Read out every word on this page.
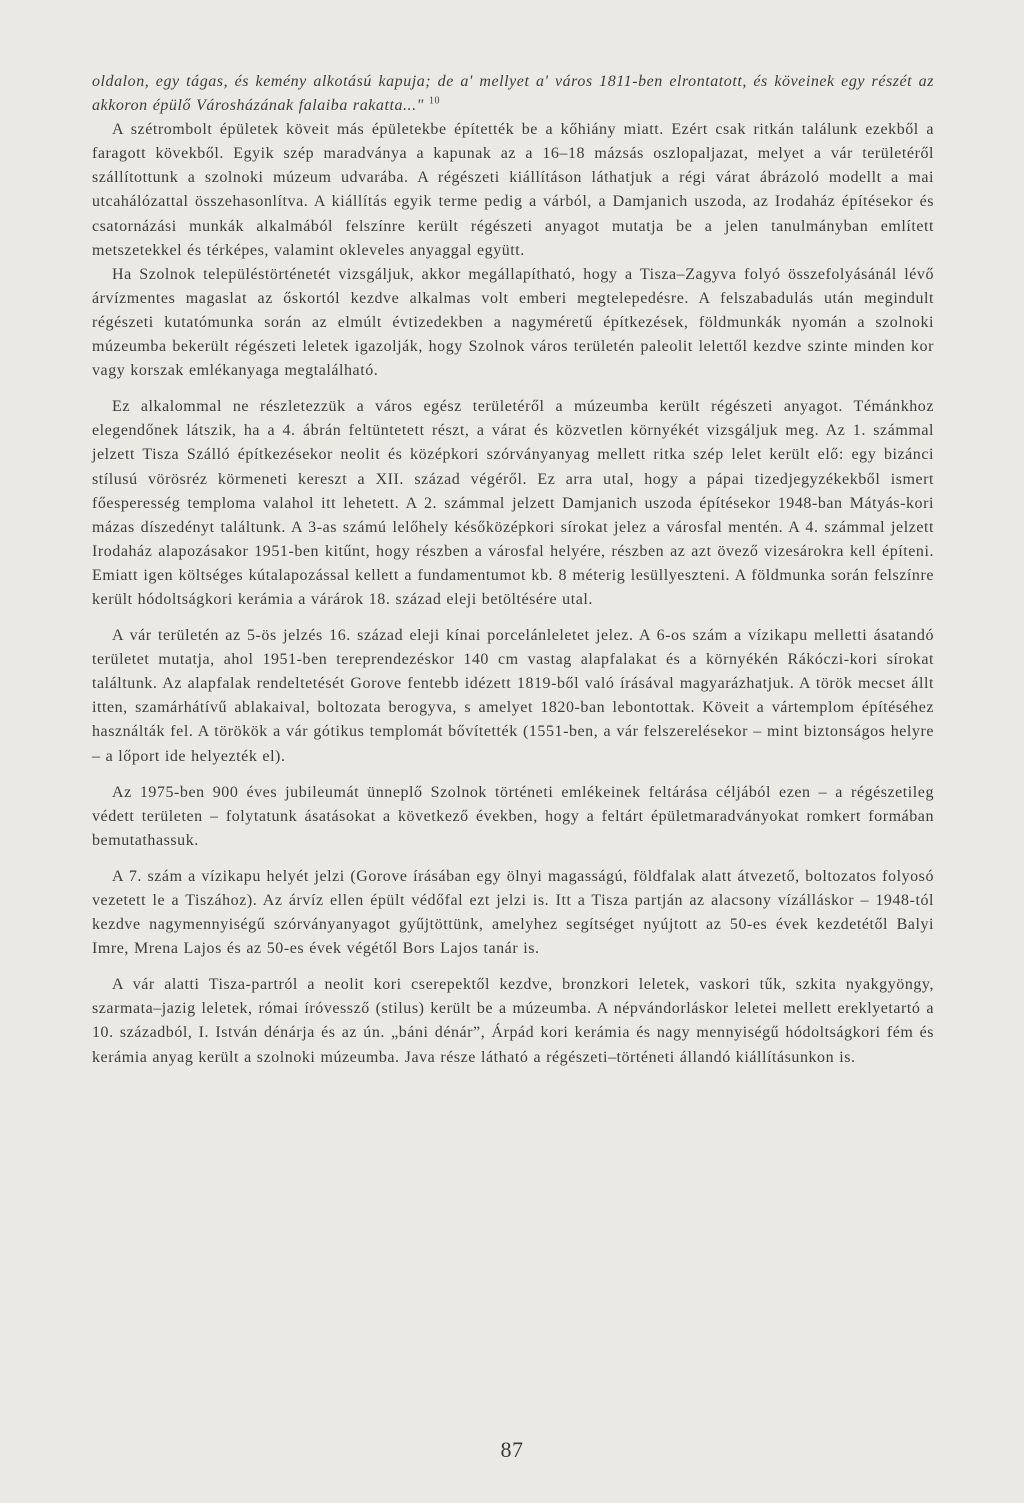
oldalon, egy tágas, és kemény alkotású kapuja; de a' mellyet a' város 1811-ben elrontatott, és köveinek egy részét az akkoron épülő Városházának falaiba rakatta..." $^{10}$

A szétrombolt épületek köveit más épületekbe építették be a kőhiány miatt. Ezért csak ritkán találunk ezekből a faragott kövekből. Egyik szép maradványa a kapunak az a 16–18 mázsás oszlopaljazat, melyet a vár területéről szállítottunk a szolnoki múzeum udvarába. A régészeti kiállításon láthatjuk a régi várat ábrázoló modellt a mai utcahálózattal összehasonlítva. A kiállítás egyik terme pedig a várból, a Damjanich uszoda, az Irodaház építésekor és csatornázási munkák alkalmából felszínre került régészeti anyagot mutatja be a jelen tanulmányban említett metszetekkel és térképes, valamint okleveles anyaggal együtt.

Ha Szolnok településtörténetét vizsgáljuk, akkor megállapítható, hogy a Tisza–Zagyva folyó összefolyásánál lévő árvízmentes magaslat az őskortól kezdve alkalmas volt emberi megtelepedésre. A felszabadulás után megindult régészeti kutatómunka során az elmúlt évtizedekben a nagyméretű építkezések, földmunkák nyomán a szolnoki múzeumba bekerült régészeti leletek igazolják, hogy Szolnok város területén paleolit lelettől kezdve szinte minden kor vagy korszak emlékanyaga megtalálható.

Ez alkalommal ne részletezzük a város egész területéről a múzeumba került régészeti anyagot. Témánkhoz elegendőnek látszik, ha a 4. ábrán feltüntetett részt, a várat és közvetlen környékét vizsgáljuk meg. Az 1. számmal jelzett Tisza Szálló építkezésekor neolit és középkori szórványanyag mellett ritka szép lelet került elő: egy bizánci stílusú vörösréz körmeneti kereszt a XII. század végéről. Ez arra utal, hogy a pápai tizedjegyzékekből ismert főesperesség temploma valahol itt lehetett. A 2. számmal jelzett Damjanich uszoda építésekor 1948-ban Mátyás-kori mázas díszedényt találtunk. A 3-as számú lelőhely későközépkori sírokat jelez a városfal mentén. A 4. számmal jelzett Irodaház alapozásakor 1951-ben kitűnt, hogy részben a városfal helyére, részben az azt övező vizesárokra kell építeni. Emiatt igen költséges kútalapozással kellett a fundamentumot kb. 8 méterig lesüllyeszteni. A földmunka során felszínre került hódoltságkori kerámia a várárok 18. század eleji betöltésére utal.

A vár területén az 5-ös jelzés 16. század eleji kínai porcelánleletet jelez. A 6-os szám a vízikapu melletti ásatandó területet mutatja, ahol 1951-ben tereprendezéskor 140 cm vastag alapfalakat és a környékén Rákóczi-kori sírokat találtunk. Az alapfalak rendeltetését Gorove fentebb idézett 1819-ből való írásával magyarázhatjuk. A török mecset állt itten, szamárhátívű ablakaival, boltozata berogyva, s amelyet 1820-ban lebontottak. Köveit a vártemplom építéséhez használták fel. A törökök a vár gótikus templomát bővítették (1551-ben, a vár felszerelésekor – mint biztonságos helyre – a lőport ide helyezték el).

Az 1975-ben 900 éves jubileumát ünneplő Szolnok történeti emlékeinek feltárása céljából ezen – a régészetileg védett területen – folytatunk ásatásokat a következő években, hogy a feltárt épületmaradványokat romkert formában bemutathassuk.

A 7. szám a vízikapu helyét jelzi (Gorove írásában egy ölnyi magasságú, földfalak alatt átvezető, boltozatos folyosó vezetett le a Tiszához). Az árvíz ellen épült védőfal ezt jelzi is. Itt a Tisza partján az alacsony vízálláskor – 1948-tól kezdve nagymennyiségű szórványanyagot gyűjtöttünk, amelyhez segítséget nyújtott az 50-es évek kezdetétől Balyi Imre, Mrena Lajos és az 50-es évek végétől Bors Lajos tanár is.

A vár alatti Tisza-partról a neolit kori cserepektől kezdve, bronzkori leletek, vaskori tűk, szkita nyakgyöngy, szarmata–jazig leletek, római íróvessző (stilus) került be a múzeumba. A népvándorláskor leletei mellett ereklyetartó a 10. századból, I. István dénárja és az ún. „báni dénár”, Árpád kori kerámia és nagy mennyiségű hódoltságkori fém és kerámia anyag került a szolnoki múzeumba. Java része látható a régészeti–történeti állandó kiállításunkon is.

87
